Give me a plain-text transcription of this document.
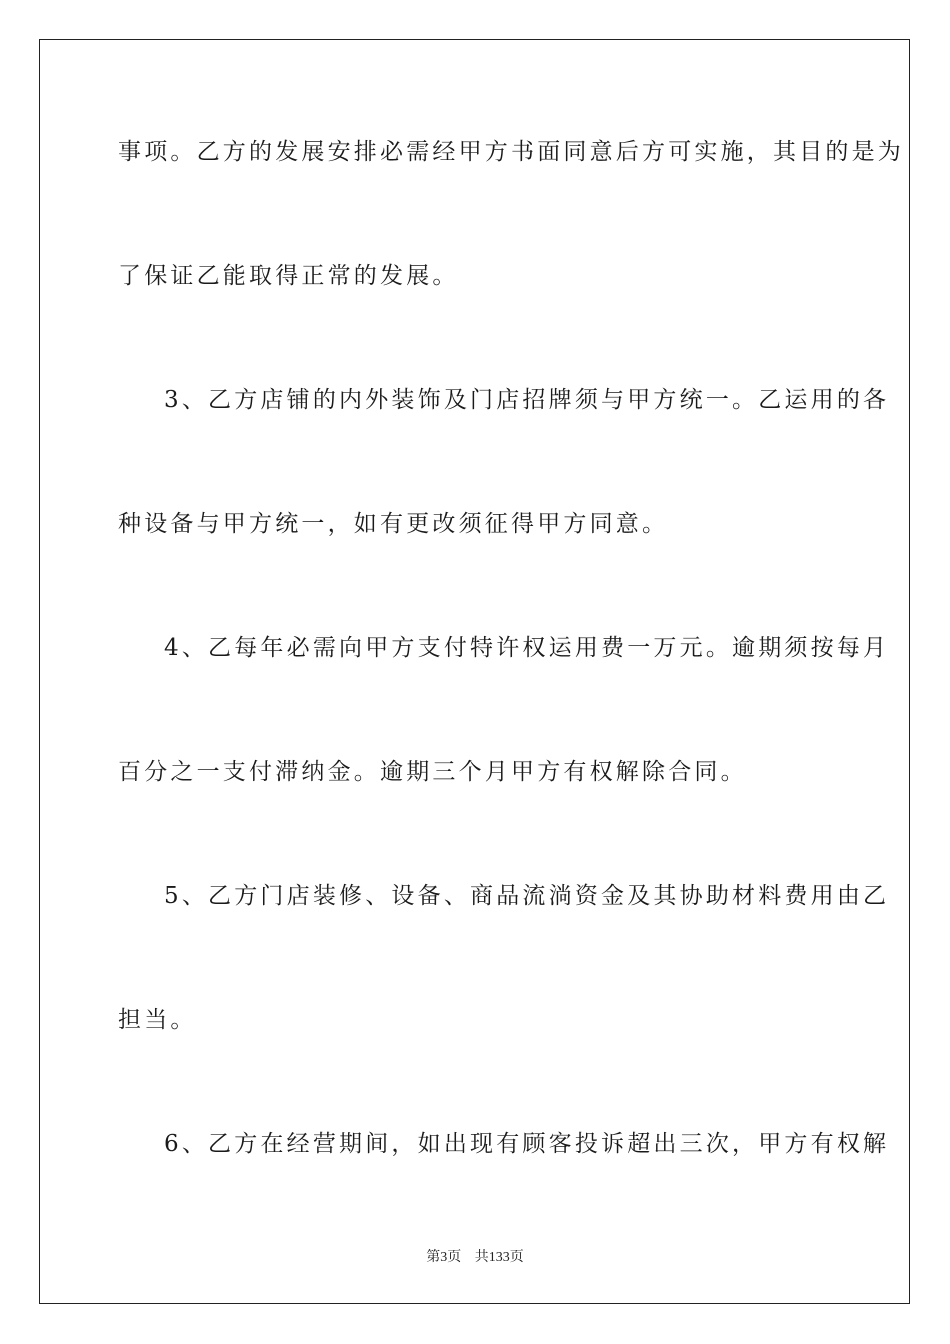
事项。乙方的发展安排必需经甲方书面同意后方可实施，其目的是为
了保证乙能取得正常的发展。
3、乙方店铺的内外装饰及门店招牌须与甲方统一。乙运用的各
种设备与甲方统一，如有更改须征得甲方同意。
4、乙每年必需向甲方支付特许权运用费一万元。逾期须按每月
百分之一支付滞纳金。逾期三个月甲方有权解除合同。
5、乙方门店装修、设备、商品流淌资金及其协助材料费用由乙
担当。
6、乙方在经营期间，如出现有顾客投诉超出三次，甲方有权解
第3页 共133页
